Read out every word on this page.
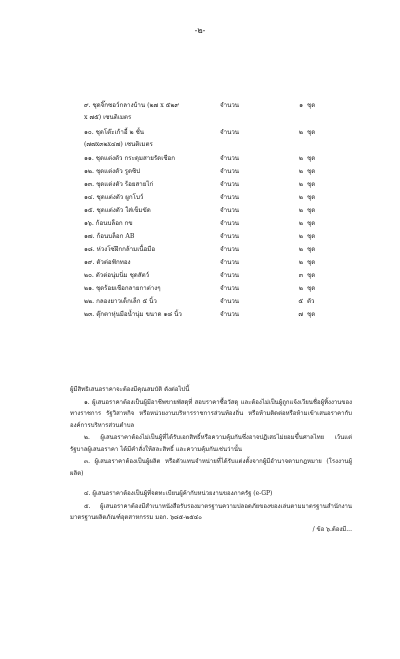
-๒-
๙. ชุดจิ๊กซอว์กลางบ้าน (๒๗ x ๕๒๙ x ๗๕) เซนติเมตร
จำนวน	๑ ชุด
๑๐. ชุดโต๊ะเก้าอี้ ๒ ชั้น (๗๗x๓๒x๔๗) เซนติเมตร
จำนวน	๒ ชุด
๑๑. ชุดแต่งตัว กระดุมสายรัดเชือก	จำนวน	๒ ชุด
๑๒. ชุดแต่งตัว รูดซิป	จำนวน	๒ ชุด
๑๓. ชุดแต่งตัว ร้อยสายไก่	จำนวน	๒ ชุด
๑๔. ชุดแต่งตัว ผูกโบว์	จำนวน	๒ ชุด
๑๕. ชุดแต่งตัว ใส่เข็มขัด	จำนวน	๒ ชุด
๑๖. ก้อนบล็อก กข	จำนวน	๒ ชุด
๑๗. ก้อนบล็อก AB	จำนวน	๒ ชุด
๑๘. ห่วงโซ่ฝึกกล้ามเนื้อมือ	จำนวน	๒ ชุด
๑๙. ตัวต่อฟักทอง	จำนวน	๒ ชุด
๒๐. ตัวต่อนุ่มนิ่ม ชุดสัตว์	จำนวน	๓ ชุด
๒๑. ชุดร้อยเชือกลายกาต่างๆ	จำนวน	๒ ชุด
๒๒. กลองยาวเด็กเล็ก ๕ นิ้ว	จำนวน	๕ ตัว
๒๓. ตุ๊กตาหุ่นมือน้ำนุ่ม ขนาด ๑๘ นิ้ว	จำนวน	๗ ชุด
ผู้มีสิทธิเสนอราคาจะต้องมีคุณสมบัติ ดังต่อไปนี้

๑. ผู้เสนอราคาต้องเป็นผู้มีอาชีพขายพัสดุที่ สอบราคาซื้อวัสดุ และต้องไม่เป็นผู้ถูกแจ้งเวียนชื่อผู้ทิ้งงานของทางราชการ รัฐวิสาหกิจ หรือหน่วยงานบริหารราชการส่วนท้องถิ่น หรือห้ามติดต่อหรือห้ามเข้าเสนอราคากับองค์การบริหารส่วนตำบล

๒. ผู้เสนอราคาต้องไม่เป็นผู้ที่ได้รับเอกสิทธิ์หรือความคุ้มกันซึ่งอาจปฏิเสธไม่ยอมขึ้นศาลไทย เว้นแต่รัฐบาลผู้เสนอราคา ได้มีคำสั่งให้สละสิทธิ์ และความคุ้มกันเช่นว่านั้น

๓. ผู้เสนอราคาต้องเป็นผู้ผลิต หรือตัวแทนจำหน่ายที่ได้รับแต่งตั้งจากผู้มีอำนาจตามกฎหมาย (โรงงานผู้ผลิต)

๔. ผู้เสนอราคาต้องเป็นผู้ที่จดทะเบียนผู้ค้ากับหน่วยงานของภาครัฐ (e-GP)

๕. ผู้เสนอราคาต้องมีสำเนาหนังสือรับรองมาตรฐานความปลอดภัยของของเล่นตามมาตรฐานสำนักงานมาตรฐานผลิตภัณฑ์อุตสาหกรรม มอก. ๖๘๕-๒๕๔๐

/ ข้อ ๖.ต้องมี...
